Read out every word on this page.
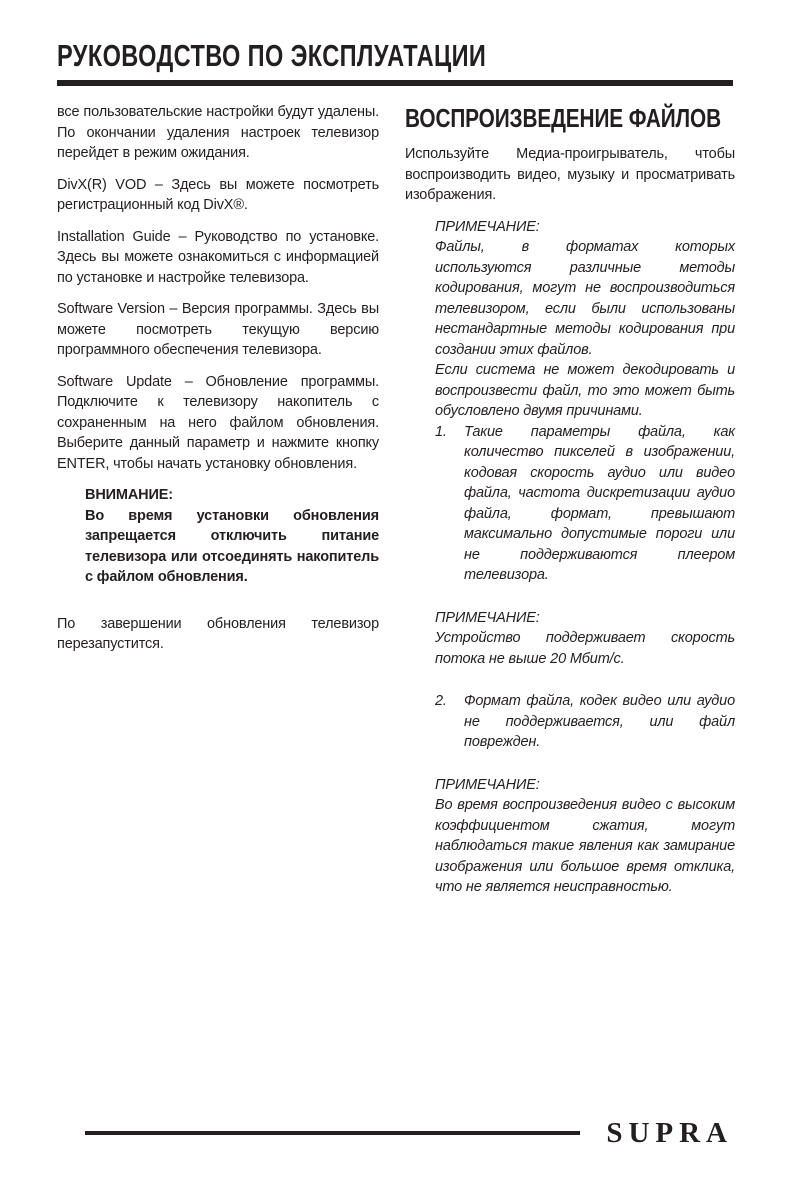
РУКОВОДСТВО ПО ЭКСПЛУАТАЦИИ

все пользовательские настройки будут удалены. По окончании удаления настроек телевизор перейдет в режим ожидания.

DivX(R) VOD – Здесь вы можете посмотреть регистрационный код DivX®.

Installation Guide – Руководство по установке. Здесь вы можете ознакомиться с информацией по установке и настройке телевизора.

Software Version – Версия программы. Здесь вы можете посмотреть текущую версию программного обеспечения телевизора.

Software Update – Обновление программы. Подключите к телевизору накопитель с сохраненным на него файлом обновления. Выберите данный параметр и нажмите кнопку ENTER, чтобы начать установку обновления.

ВНИМАНИЕ:

Во время установки обновления запрещается отключить питание телевизора или отсоединять накопитель с файлом обновления.

По завершении обновления телевизор перезапустится.

ВОСПРОИЗВЕДЕНИЕ ФАЙЛОВ

Используйте Медиа-проигрыватель, чтобы воспроизводить видео, музыку и просматривать изображения.

ПРИМЕЧАНИЕ:

Файлы, в форматах которых используются различные методы кодирования, могут не воспроизводиться телевизором, если были использованы нестандартные методы кодирования при создании этих файлов.

Если система не может декодировать и воспроизвести файл, то это может быть обусловлено двумя причинами.

1.	Такие параметры файла, как количество пикселей в изображении, кодовая скорость аудио или видео файла, частота дискретизации аудио файла, формат, превышают максимально допустимые пороги или не поддерживаются плеером телевизора.

ПРИМЕЧАНИЕ:

Устройство поддерживает скорость потока не выше 20 Мбит/с.

2.	Формат файла, кодек видео или аудио не поддерживается, или файл поврежден.

ПРИМЕЧАНИЕ:

Во время воспроизведения видео с высоким коэффициентом сжатия, могут наблюдаться такие явления как замирание изображения или большое время отклика, что не является неисправностью.

SUPRA
